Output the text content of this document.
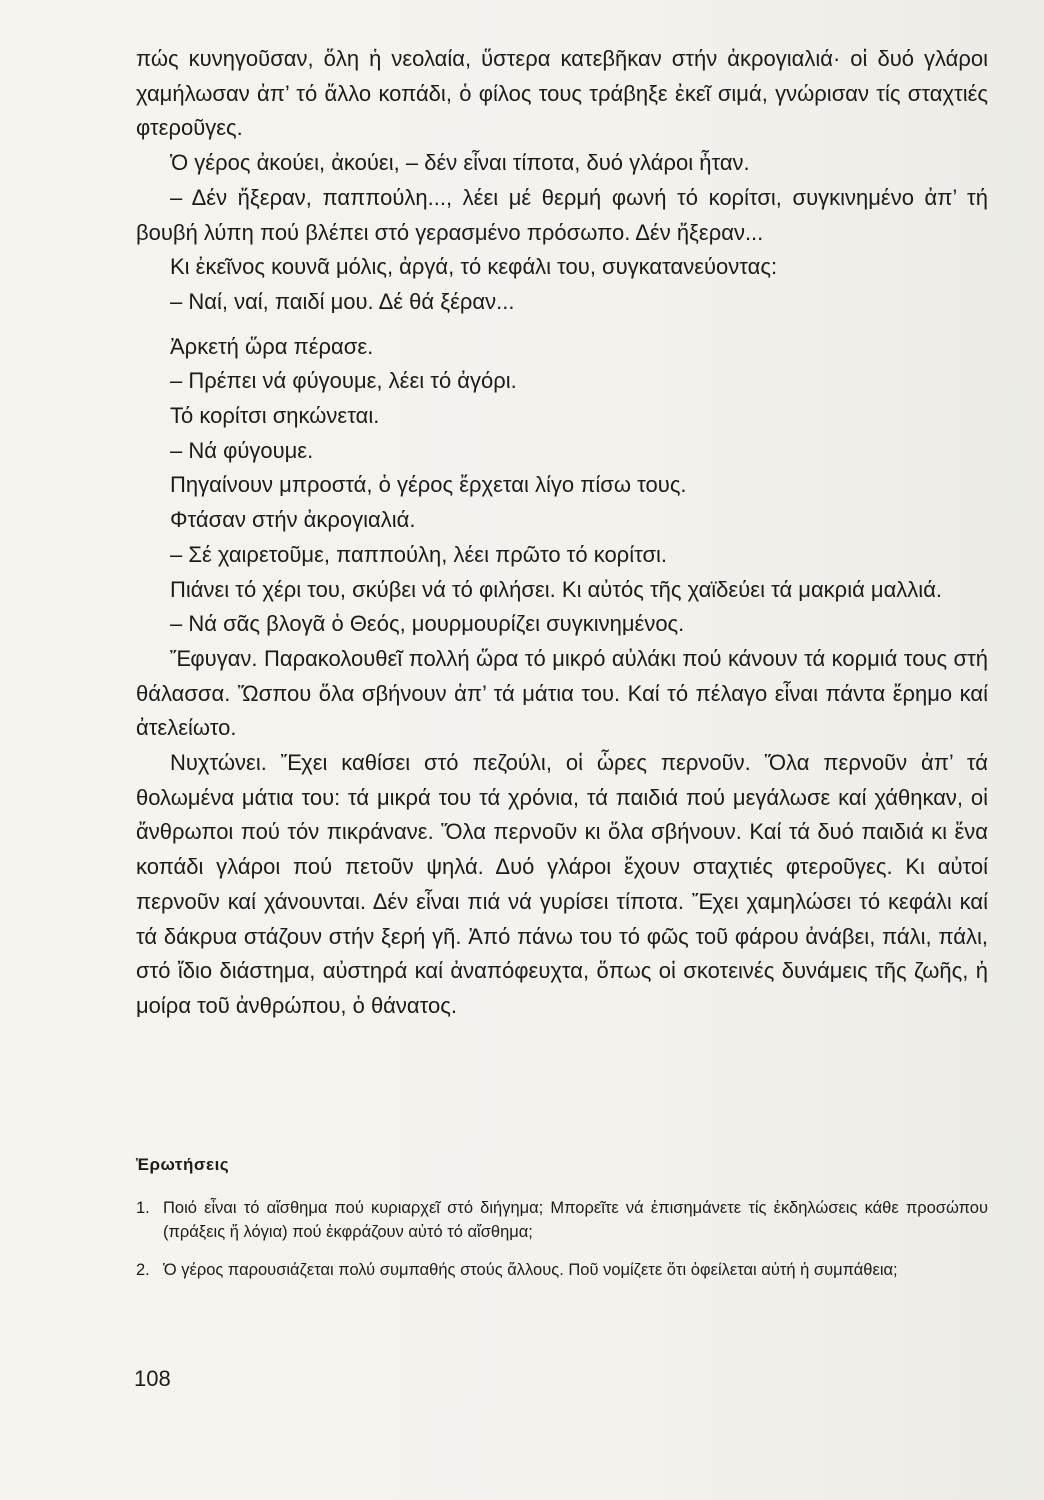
πώς κυνηγοῦσαν, ὅλη ἡ νεολαία, ὕστερα κατεβῆκαν στήν ἀκρογιαλιά· οἱ δυό γλάροι χαμήλωσαν ἀπ’ τό ἄλλο κοπάδι, ὁ φίλος τους τράβηξε ἐκεῖ σιμά, γνώρισαν τίς σταχτιές φτεροῦγες.

Ὁ γέρος ἀκούει, ἀκούει, – δέν εἶναι τίποτα, δυό γλάροι ἦταν.

– Δέν ἤξεραν, παππούλη..., λέει μέ θερμή φωνή τό κορίτσι, συγκινημένο ἀπ’ τή βουβή λύπη πού βλέπει στό γερασμένο πρόσωπο. Δέν ἤξεραν...

Κι ἐκεῖνος κουνᾶ μόλις, ἀργά, τό κεφάλι του, συγκατανεύοντας:

– Ναί, ναί, παιδί μου. Δέ θά ξέραν...

Ἀρκετή ὥρα πέρασε.

– Πρέπει νά φύγουμε, λέει τό ἀγόρι.

Τό κορίτσι σηκώνεται.

– Νά φύγουμε.

Πηγαίνουν μπροστά, ὁ γέρος ἔρχεται λίγο πίσω τους.

Φτάσαν στήν ἀκρογιαλιά.

– Σέ χαιρετοῦμε, παππούλη, λέει πρῶτο τό κορίτσι.

Πιάνει τό χέρι του, σκύβει νά τό φιλήσει. Κι αὐτός τῆς χαϊδεύει τά μακριά μαλλιά.

– Νά σᾶς βλογᾶ ὁ Θεός, μουρμουρίζει συγκινημένος.

Ἔφυγαν. Παρακολουθεῖ πολλή ὥρα τό μικρό αὐλάκι πού κάνουν τά κορμιά τους στή θάλασσα. Ὥσπου ὅλα σβήνουν ἀπ’ τά μάτια του. Καί τό πέλαγο εἶναι πάντα ἔρημο καί ἀτελείωτο.

Νυχτώνει. Ἔχει καθίσει στό πεζούλι, οἱ ὧρες περνοῦν. Ὅλα περνοῦν ἀπ’ τά θολωμένα μάτια του: τά μικρά του τά χρόνια, τά παιδιά πού μεγάλωσε καί χάθηκαν, οἱ ἄνθρωποι πού τόν πικράνανε. Ὅλα περνοῦν κι ὅλα σβήνουν. Καί τά δυό παιδιά κι ἕνα κοπάδι γλάροι πού πετοῦν ψηλά. Δυό γλάροι ἔχουν σταχτιές φτεροῦγες. Κι αὐτοί περνοῦν καί χάνουνται. Δέν εἶναι πιά νά γυρίσει τίποτα. Ἔχει χαμηλώσει τό κεφάλι καί τά δάκρυα στάζουν στήν ξερή γῆ. Ἀπό πάνω του τό φῶς τοῦ φάρου ἀνάβει, πάλι, πάλι, στό ἴδιο διάστημα, αὐστηρά καί ἀναπόφευχτα, ὅπως οἱ σκοτεινές δυνάμεις τῆς ζωῆς, ἡ μοίρα τοῦ ἀνθρώπου, ὁ θάνατος.

Ἐρωτήσεις
1. Ποιό εἶναι τό αἴσθημα πού κυριαρχεῖ στό διήγημα; Μπορεῖτε νά ἐπισημάνετε τίς ἐκδηλώσεις κάθε προσώπου (πράξεις ἤ λόγια) πού ἐκφράζουν αὐτό τό αἴσθημα;
2. Ὁ γέρος παρουσιάζεται πολύ συμπαθής στούς ἄλλους. Ποῦ νομίζετε ὅτι ὀφείλεται αὐτή ἡ συμπάθεια;
108
